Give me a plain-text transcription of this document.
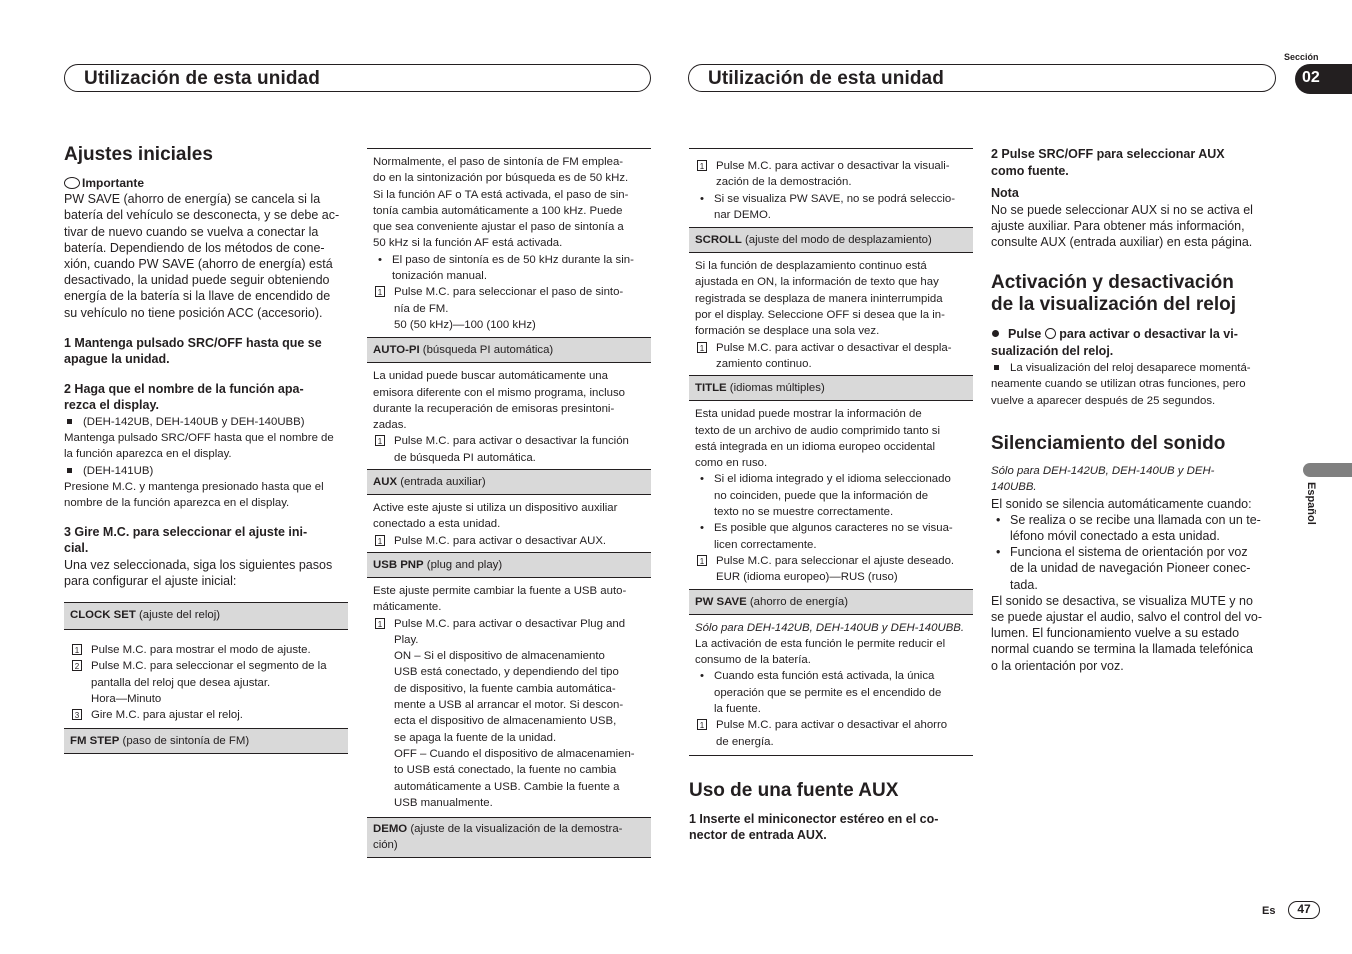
Utilización de esta unidad	Utilización de esta unidad
Sección
02
Español
Es	47

Ajustes iniciales

Importante

PW SAVE (ahorro de energía) se cancela si la

batería del vehículo se desconecta, y se debe ac-

tivar de nuevo cuando se vuelva a conectar la

batería. Dependiendo de los métodos de cone-

xión, cuando PW SAVE (ahorro de energía) está

desactivado, la unidad puede seguir obteniendo

energía de la batería si la llave de encendido de

su vehículo no tiene posición ACC (accesorio).

1 Mantenga pulsado SRC/OFF hasta que se

apague la unidad.

2 Haga que el nombre de la función apa-

rezca el display.

(DEH-142UB, DEH-140UB y DEH-140UBB)

Mantenga pulsado SRC/OFF hasta que el nombre de

la función aparezca en el display.

(DEH-141UB)

Presione M.C. y mantenga presionado hasta que el

nombre de la función aparezca en el display.

3 Gire M.C. para seleccionar el ajuste ini-

cial.

Una vez seleccionada, siga los siguientes pasos

para configurar el ajuste inicial:

CLOCK SET (ajuste del reloj)
1 Pulse M.C. para mostrar el modo de ajuste.

2 Pulse M.C. para seleccionar el segmento de la

pantalla del reloj que desea ajustar.

Hora—Minuto

3 Gire M.C. para ajustar el reloj.

FM STEP (paso de sintonía de FM)

Normalmente, el paso de sintonía de FM emplea-

do en la sintonización por búsqueda es de 50 kHz.

Si la función AF o TA está activada, el paso de sin-

tonía cambia automáticamente a 100 kHz. Puede

que sea conveniente ajustar el paso de sintonía a

50 kHz si la función AF está activada.

• El paso de sintonía es de 50 kHz durante la sin-

tonización manual.

1 Pulse M.C. para seleccionar el paso de sinto-

nía de FM.

50 (50 kHz)—100 (100 kHz)

AUTO-PI (búsqueda PI automática)

La unidad puede buscar automáticamente una

emisora diferente con el mismo programa, incluso

durante la recuperación de emisoras presintoni-

zadas.

1 Pulse M.C. para activar o desactivar la función

de búsqueda PI automática.

AUX (entrada auxiliar)

Active este ajuste si utiliza un dispositivo auxiliar

conectado a esta unidad.

1 Pulse M.C. para activar o desactivar AUX.

USB PNP (plug and play)

Este ajuste permite cambiar la fuente a USB auto-

máticamente.

1 Pulse M.C. para activar o desactivar Plug and

Play.

ON – Si el dispositivo de almacenamiento

USB está conectado, y dependiendo del tipo

de dispositivo, la fuente cambia automática-

mente a USB al arrancar el motor. Si descon-

ecta el dispositivo de almacenamiento USB,

se apaga la fuente de la unidad.

OFF – Cuando el dispositivo de almacenamien-

to USB está conectado, la fuente no cambia

automáticamente a USB. Cambie la fuente a

USB manualmente.

DEMO (ajuste de la visualización de la demostra-
ción)
1 Pulse M.C. para activar o desactivar la visuali-

zación de la demostración.

• Si se visualiza PW SAVE, no se podrá seleccio-

nar DEMO.

SCROLL (ajuste del modo de desplazamiento)

Si la función de desplazamiento continuo está

ajustada en ON, la información de texto que hay

registrada se desplaza de manera ininterrumpida

por el display. Seleccione OFF si desea que la in-

formación se desplace una sola vez.

1 Pulse M.C. para activar o desactivar el despla-

zamiento continuo.

TITLE (idiomas múltiples)

Esta unidad puede mostrar la información de

texto de un archivo de audio comprimido tanto si

está integrada en un idioma europeo occidental

como en ruso.

• Si el idioma integrado y el idioma seleccionado

no coinciden, puede que la información de

texto no se muestre correctamente.

• Es posible que algunos caracteres no se visua-

licen correctamente.

1 Pulse M.C. para seleccionar el ajuste deseado.

EUR (idioma europeo)—RUS (ruso)

PW SAVE (ahorro de energía)

Sólo para DEH-142UB, DEH-140UB y DEH-140UBB.

La activación de esta función le permite reducir el

consumo de la batería.

• Cuando esta función está activada, la única

operación que se permite es el encendido de

la fuente.

1 Pulse M.C. para activar o desactivar el ahorro

de energía.

Uso de una fuente AUX

1 Inserte el miniconector estéreo en el co-

nector de entrada AUX.

2 Pulse SRC/OFF para seleccionar AUX

como fuente.

Nota

No se puede seleccionar AUX si no se activa el

ajuste auxiliar. Para obtener más información,

consulte AUX (entrada auxiliar) en esta página.

Activación y desactivación

de la visualización del reloj

Pulse  para activar o desactivar la vi-

sualización del reloj.

La visualización del reloj desaparece momentá-

neamente cuando se utilizan otras funciones, pero

vuelve a aparecer después de 25 segundos.

Silenciamiento del sonido

Sólo para DEH-142UB, DEH-140UB y DEH-

140UBB.

El sonido se silencia automáticamente cuando:

• Se realiza o se recibe una llamada con un te-

léfono móvil conectado a esta unidad.

• Funciona el sistema de orientación por voz

de la unidad de navegación Pioneer conec-

tada.

El sonido se desactiva, se visualiza MUTE y no

se puede ajustar el audio, salvo el control del vo-

lumen. El funcionamiento vuelve a su estado

normal cuando se termina la llamada telefónica

o la orientación por voz.
